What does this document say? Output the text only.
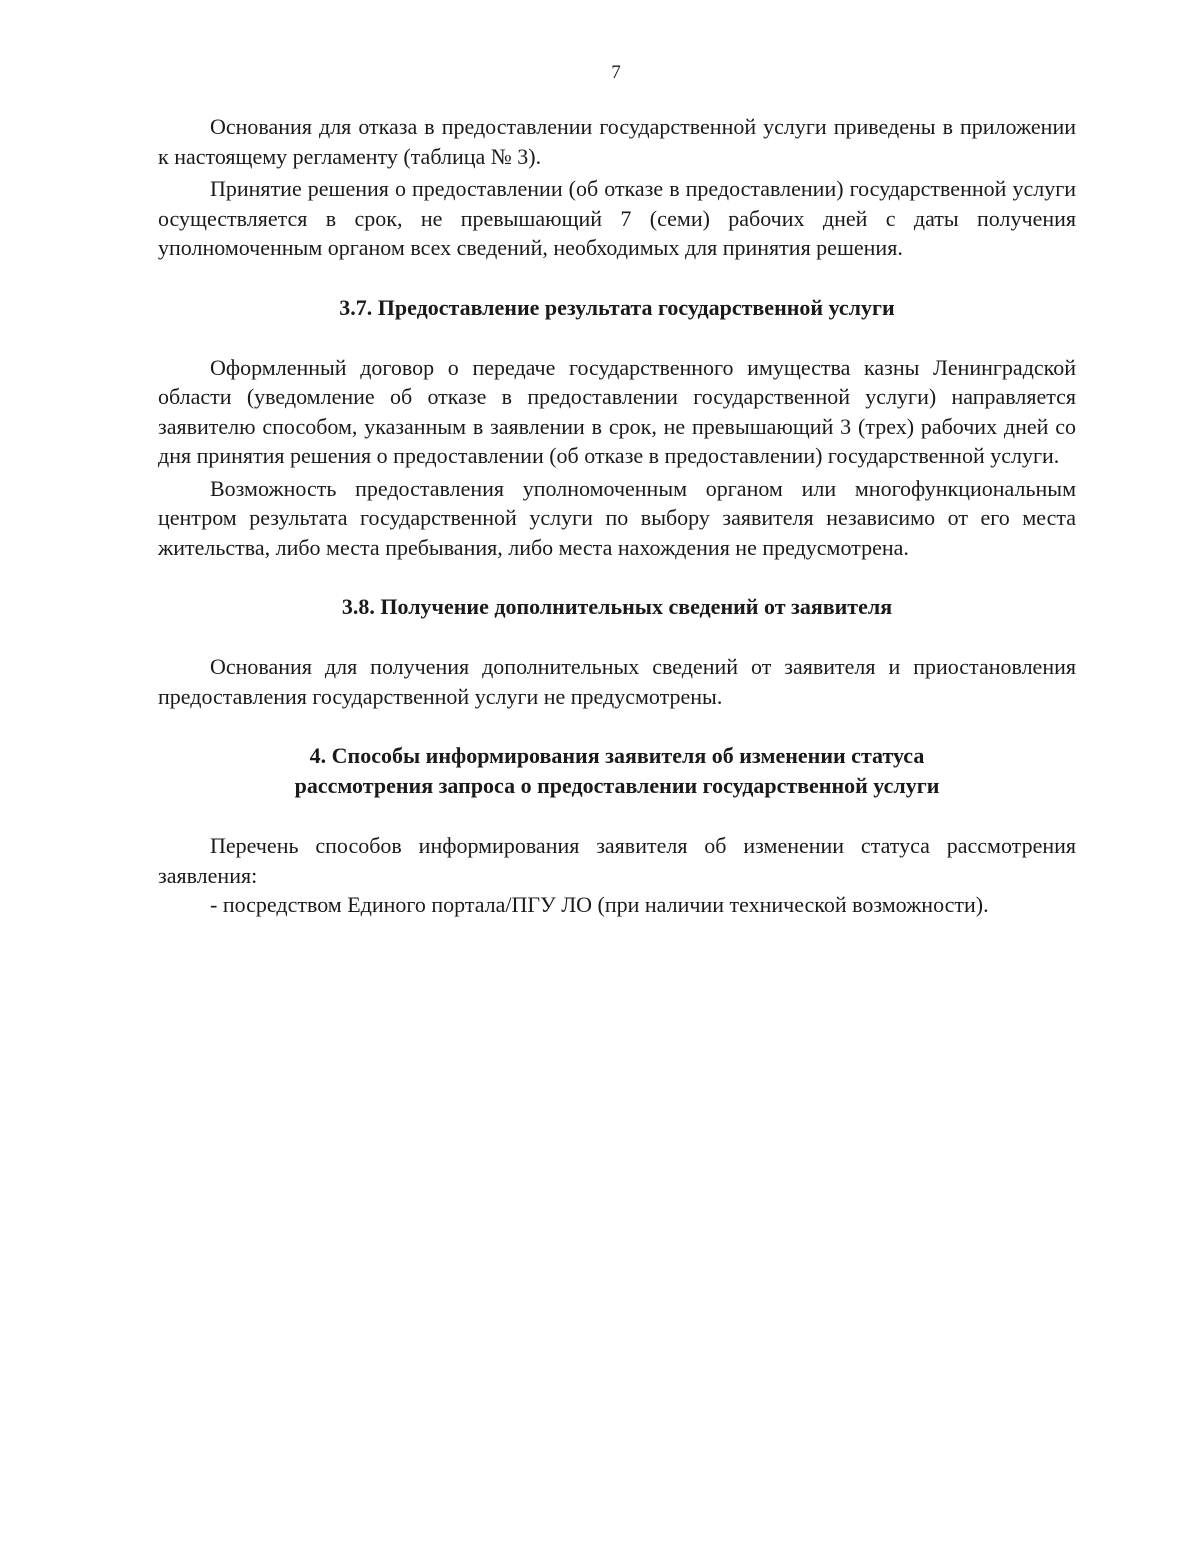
7

Основания для отказа в предоставлении государственной услуги приведены в приложении к настоящему регламенту (таблица № 3).

Принятие решения о предоставлении (об отказе в предоставлении) государственной услуги осуществляется в срок, не превышающий 7 (семи) рабочих дней с даты получения уполномоченным органом всех сведений, необходимых для принятия решения.

3.7. Предоставление результата государственной услуги

Оформленный договор о передаче государственного имущества казны Ленинградской области (уведомление об отказе в предоставлении государственной услуги) направляется заявителю способом, указанным в заявлении в срок, не превышающий 3 (трех) рабочих дней со дня принятия решения о предоставлении (об отказе в предоставлении) государственной услуги.

Возможность предоставления уполномоченным органом или многофункциональным центром результата государственной услуги по выбору заявителя независимо от его места жительства, либо места пребывания, либо места нахождения не предусмотрена.

3.8. Получение дополнительных сведений от заявителя

Основания для получения дополнительных сведений от заявителя и приостановления предоставления государственной услуги не предусмотрены.

4. Способы информирования заявителя об изменении статуса
рассмотрения запроса о предоставлении государственной услуги

Перечень способов информирования заявителя об изменении статуса рассмотрения заявления:

- посредством Единого портала/ПГУ ЛО (при наличии технической возможности).
